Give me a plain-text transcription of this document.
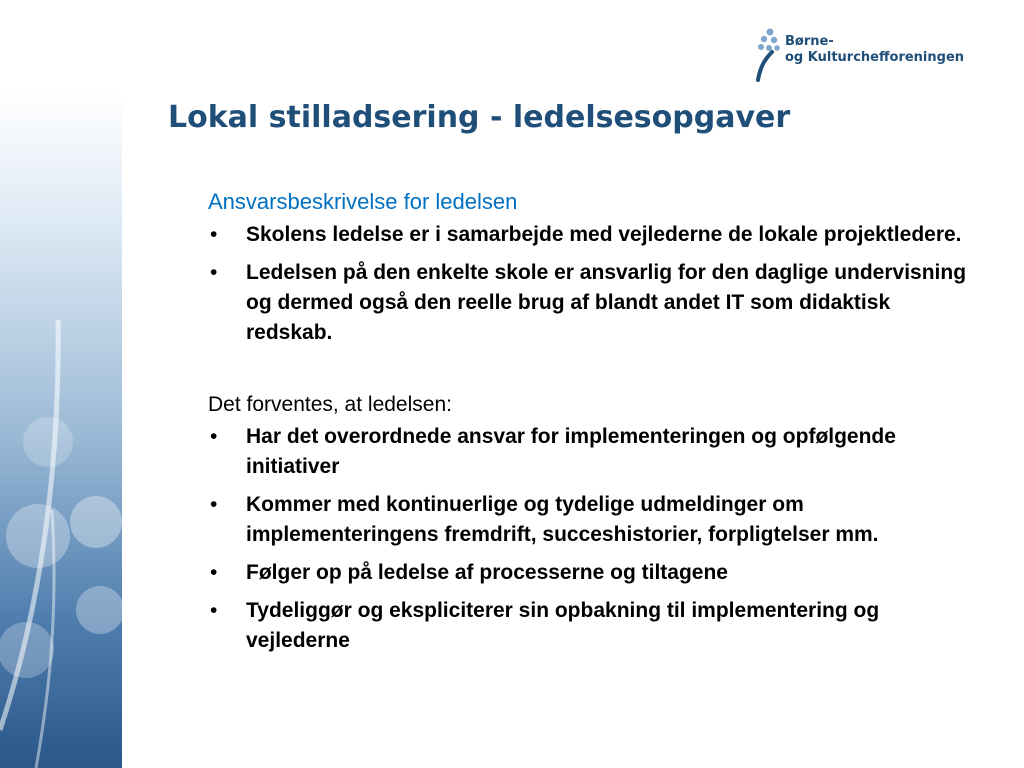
Børne-
og Kulturchefforeningen
Lokal stilladsering - ledelsesopgaver

Ansvarsbeskrivelse for ledelsen

• Skolens ledelse er i samarbejde med vejlederne de lokale projektledere.
• Ledelsen på den enkelte skole er ansvarlig for den daglige undervisning og dermed også den reelle brug af blandt andet IT som didaktisk redskab.

Det forventes, at ledelsen:

• Har det overordnede ansvar for implementeringen og opfølgende initiativer
• Kommer med kontinuerlige og tydelige udmeldinger om implementeringens fremdrift, succeshistorier, forpligtelser mm.
• Følger op på ledelse af processerne og tiltagene
• Tydeliggør og ekspliciterer sin opbakning til implementering og vejlederne
